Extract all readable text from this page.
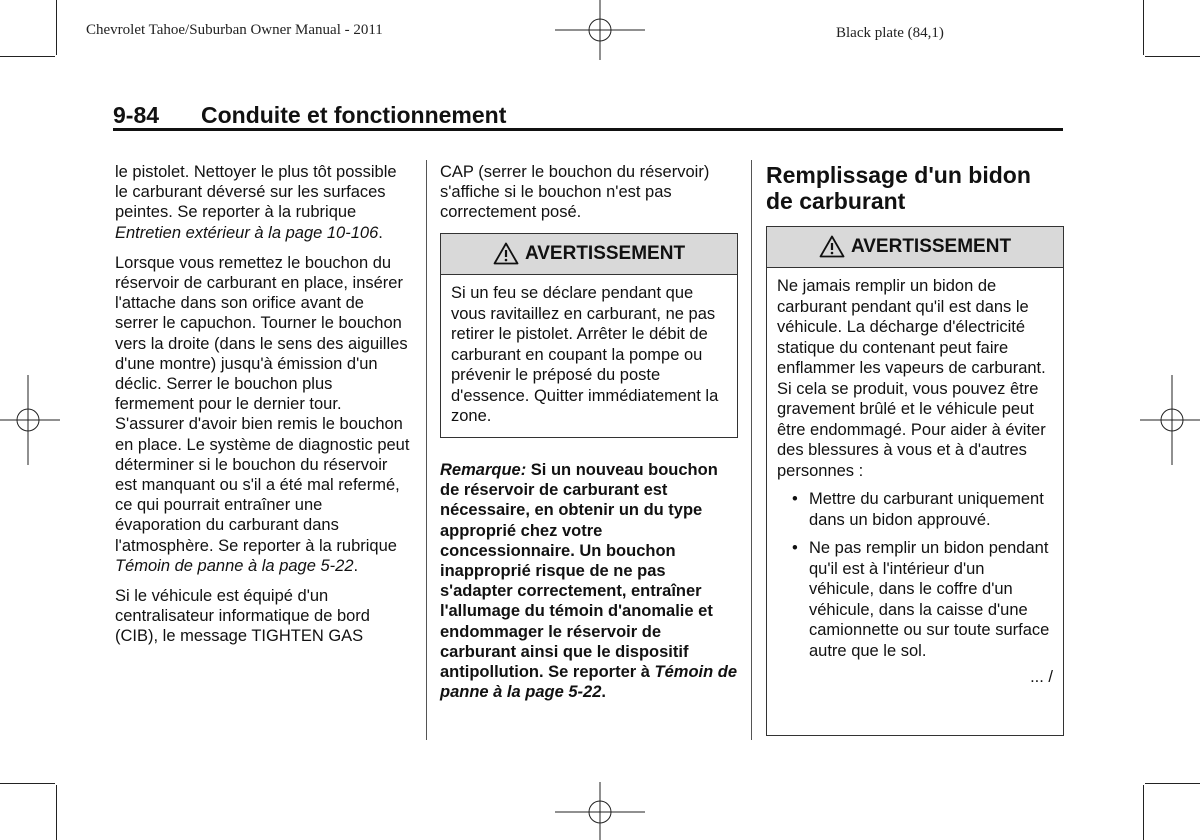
Chevrolet Tahoe/Suburban Owner Manual - 2011	Black plate (84,1)
9-84 Conduite et fonctionnement

le pistolet. Nettoyer le plus tôt possible le carburant déversé sur les surfaces peintes. Se reporter à la rubrique Entretien extérieur à la page 10‑106.

Lorsque vous remettez le bouchon du réservoir de carburant en place, insérer l'attache dans son orifice avant de serrer le capuchon. Tourner le bouchon vers la droite (dans le sens des aiguilles d'une montre) jusqu'à émission d'un déclic. Serrer le bouchon plus fermement pour le dernier tour. S'assurer d'avoir bien remis le bouchon en place. Le système de diagnostic peut déterminer si le bouchon du réservoir est manquant ou s'il a été mal refermé, ce qui pourrait entraîner une évaporation du carburant dans l'atmosphère. Se reporter à la rubrique Témoin de panne à la page 5‑22.

Si le véhicule est équipé d'un centralisateur informatique de bord (CIB), le message TIGHTEN GAS

CAP (serrer le bouchon du réservoir) s'affiche si le bouchon n'est pas correctement posé.

AVERTISSEMENT
Si un feu se déclare pendant que vous ravitaillez en carburant, ne pas retirer le pistolet. Arrêter le débit de carburant en coupant la pompe ou prévenir le préposé du poste d'essence. Quitter immédiatement la zone.
Remarque: Si un nouveau bouchon de réservoir de carburant est nécessaire, en obtenir un du type approprié chez votre concessionnaire. Un bouchon inapproprié risque de ne pas s'adapter correctement, entraîner l'allumage du témoin d'anomalie et endommager le réservoir de carburant ainsi que le dispositif antipollution. Se reporter à Témoin de panne à la page 5‑22.
Remplissage d'un bidon de carburant
AVERTISSEMENT
Ne jamais remplir un bidon de carburant pendant qu'il est dans le véhicule. La décharge d'électricité statique du contenant peut faire enflammer les vapeurs de carburant. Si cela se produit, vous pouvez être gravement brûlé et le véhicule peut être endommagé. Pour aider à éviter des blessures à vous et à d'autres personnes :
• Mettre du carburant uniquement dans un bidon approuvé.
• Ne pas remplir un bidon pendant qu'il est à l'intérieur d'un véhicule, dans le coffre d'un véhicule, dans la caisse d'une camionnette ou sur toute surface autre que le sol.
... /
